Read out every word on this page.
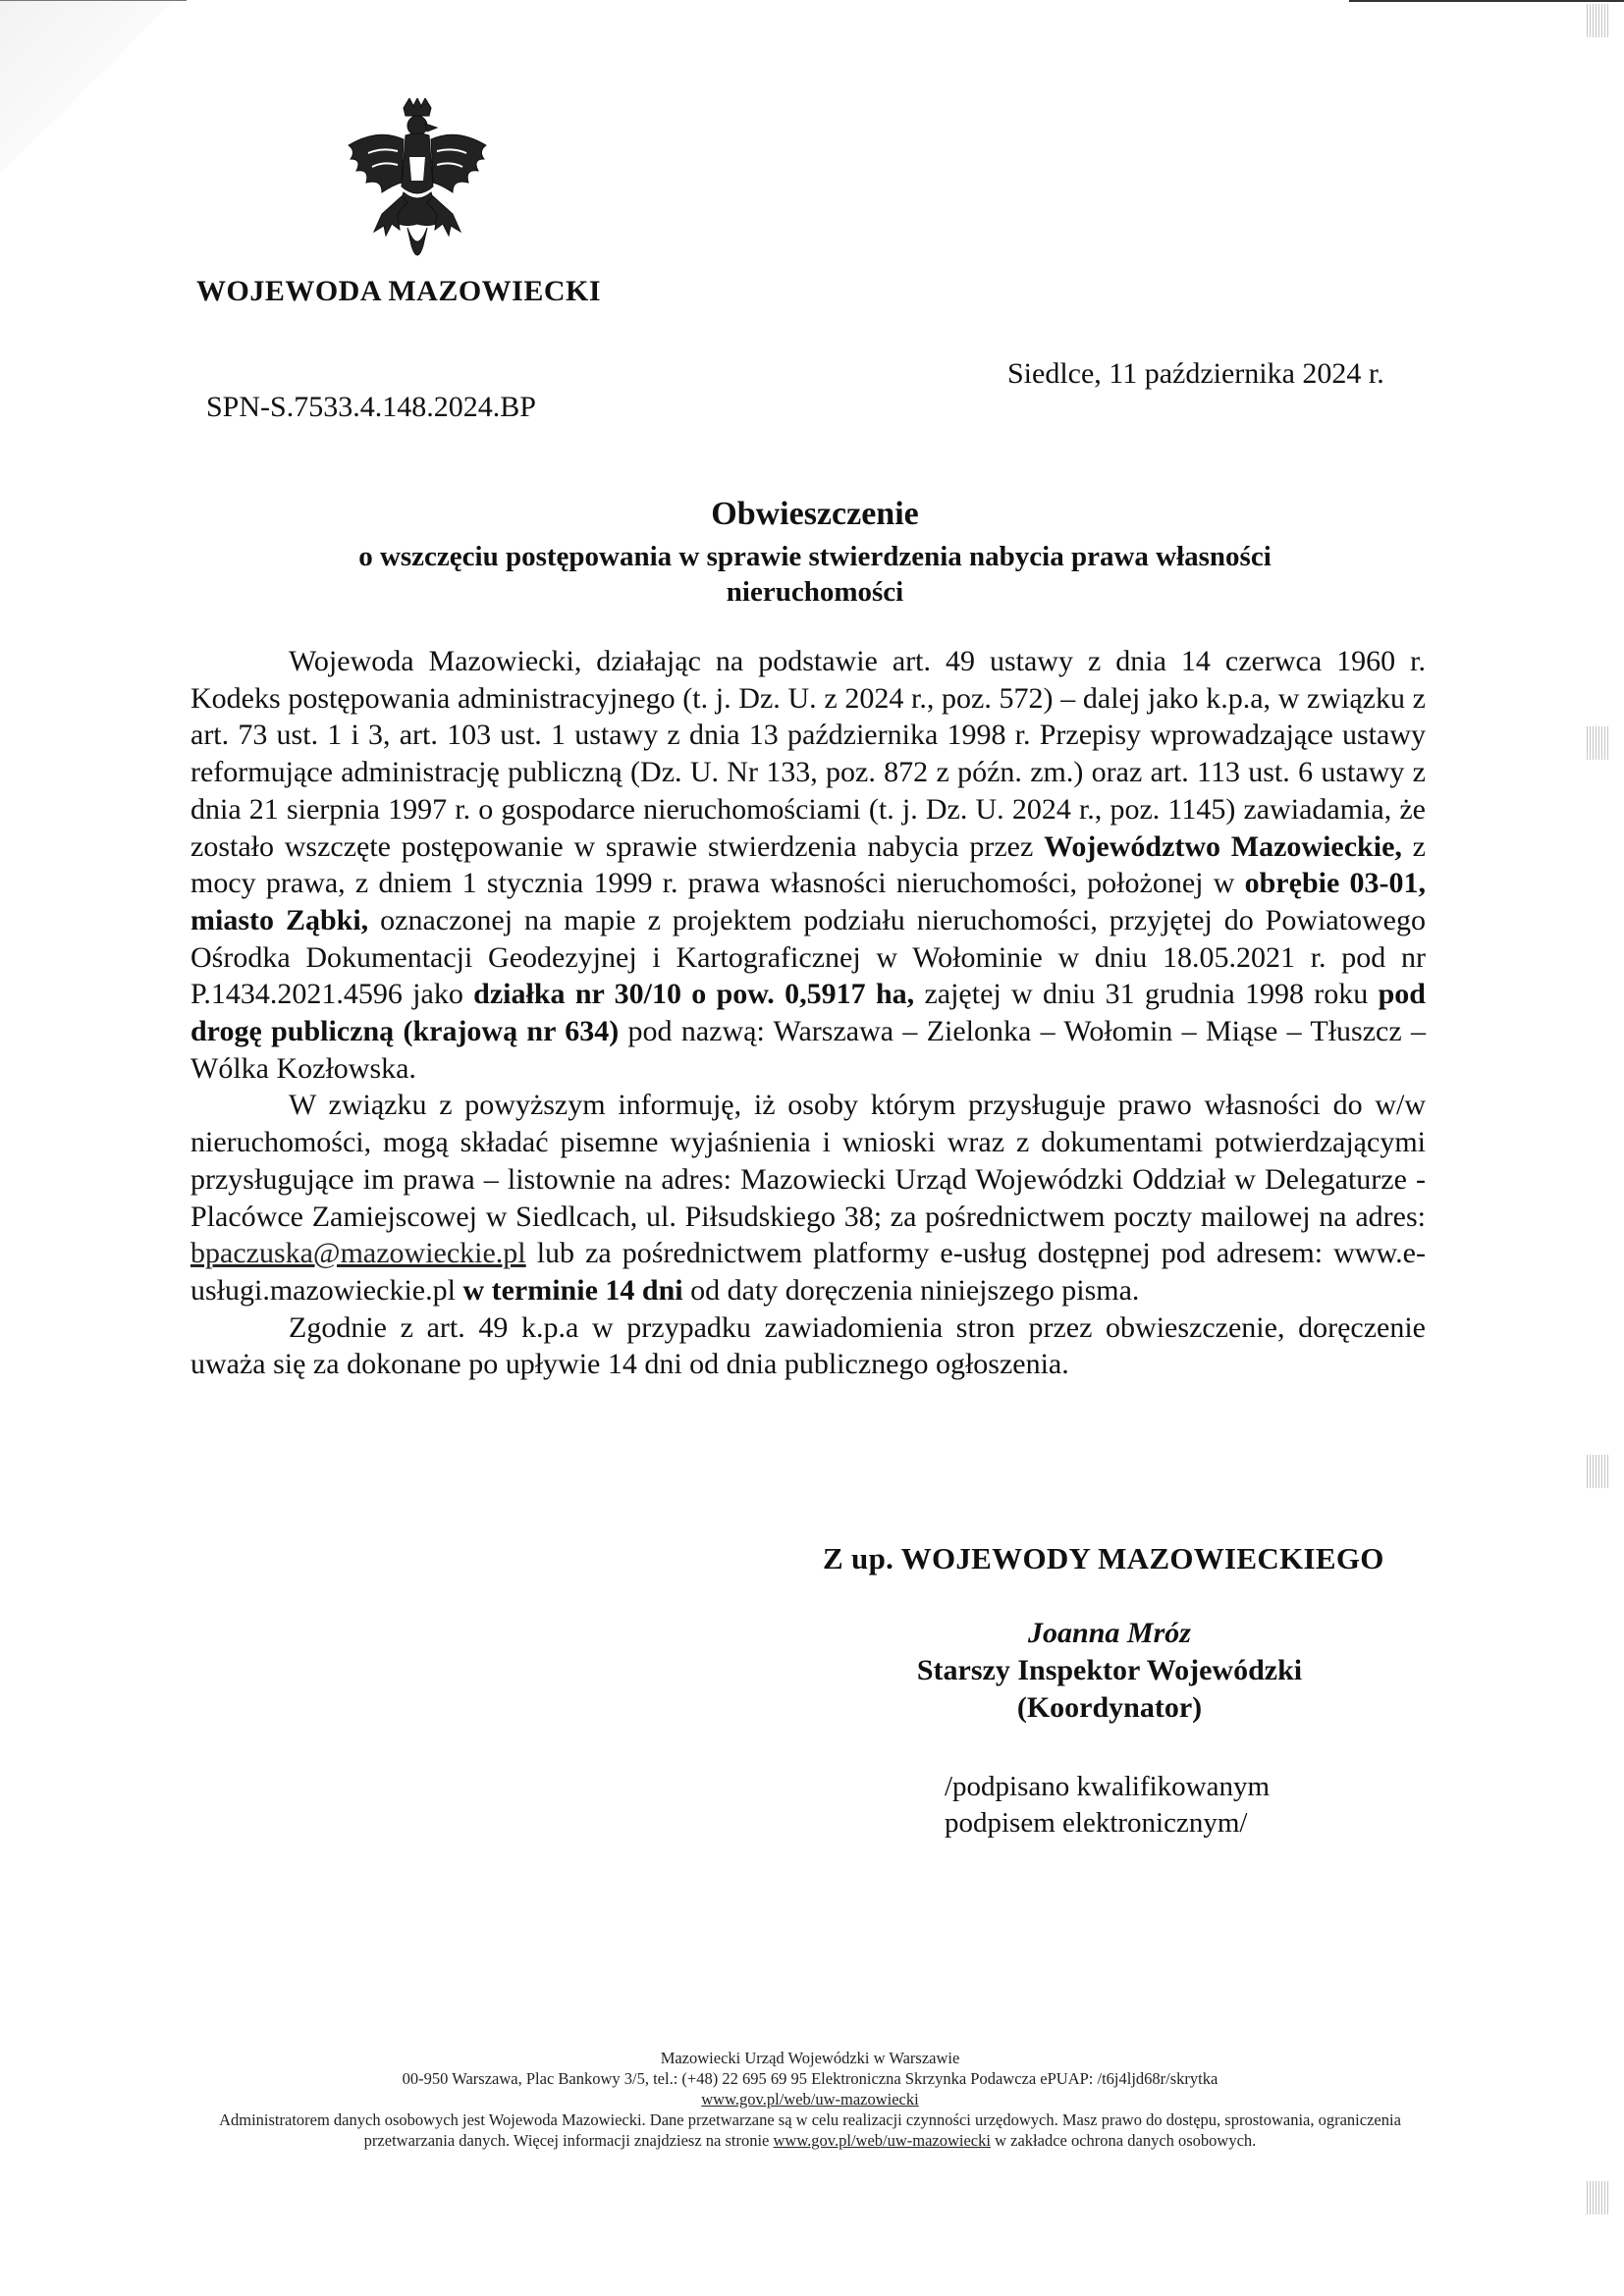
WOJEWODA MAZOWIECKI
Siedlce, 11 października 2024 r.
SPN-S.7533.4.148.2024.BP
Obwieszczenie
o wszczęciu postępowania w sprawie stwierdzenia nabycia prawa własności nieruchomości

Wojewoda Mazowiecki, działając na podstawie art. 49 ustawy z dnia 14 czerwca 1960 r. Kodeks postępowania administracyjnego (t. j. Dz. U. z 2024 r., poz. 572) – dalej jako k.p.a, w związku z art. 73 ust. 1 i 3, art. 103 ust. 1 ustawy z dnia 13 października 1998 r. Przepisy wprowadzające ustawy reformujące administrację publiczną (Dz. U. Nr 133, poz. 872 z późn. zm.) oraz art. 113 ust. 6 ustawy z dnia 21 sierpnia 1997 r. o gospodarce nieruchomościami (t. j. Dz. U. 2024 r., poz. 1145) zawiadamia, że zostało wszczęte postępowanie w sprawie stwierdzenia nabycia przez Województwo Mazowieckie, z mocy prawa, z dniem 1 stycznia 1999 r. prawa własności nieruchomości, położonej w obrębie 03-01, miasto Ząbki, oznaczonej na mapie z projektem podziału nieruchomości, przyjętej do Powiatowego Ośrodka Dokumentacji Geodezyjnej i Kartograficznej w Wołominie w dniu 18.05.2021 r. pod nr P.1434.2021.4596 jako działka nr 30/10 o pow. 0,5917 ha, zajętej w dniu 31 grudnia 1998 roku pod drogę publiczną (krajową nr 634) pod nazwą: Warszawa – Zielonka – Wołomin – Miąse – Tłuszcz – Wólka Kozłowska.

W związku z powyższym informuję, iż osoby którym przysługuje prawo własności do w/w nieruchomości, mogą składać pisemne wyjaśnienia i wnioski wraz z dokumentami potwierdzającymi przysługujące im prawa – listownie na adres: Mazowiecki Urząd Wojewódzki Oddział w Delegaturze - Placówce Zamiejscowej w Siedlcach, ul. Piłsudskiego 38; za pośrednictwem poczty mailowej na adres: bpaczuska@mazowieckie.pl lub za pośrednictwem platformy e-usług dostępnej pod adresem: www.e-usługi.mazowieckie.pl w terminie 14 dni od daty doręczenia niniejszego pisma.

Zgodnie z art. 49 k.p.a w przypadku zawiadomienia stron przez obwieszczenie, doręczenie uważa się za dokonane po upływie 14 dni od dnia publicznego ogłoszenia.

Z up. WOJEWODY MAZOWIECKIEGO
Joanna Mróz
Starszy Inspektor Wojewódzki
(Koordynator)
/podpisano kwalifikowanym
podpisem elektronicznym/
Mazowiecki Urząd Wojewódzki w Warszawie
00-950 Warszawa, Plac Bankowy 3/5, tel.: (+48) 22 695 69 95 Elektroniczna Skrzynka Podawcza ePUAP: /t6j4ljd68r/skrytka
www.gov.pl/web/uw-mazowiecki
Administratorem danych osobowych jest Wojewoda Mazowiecki. Dane przetwarzane są w celu realizacji czynności urzędowych. Masz prawo do dostępu, sprostowania, ograniczenia przetwarzania danych. Więcej informacji znajdziesz na stronie www.gov.pl/web/uw-mazowiecki w zakładce ochrona danych osobowych.
